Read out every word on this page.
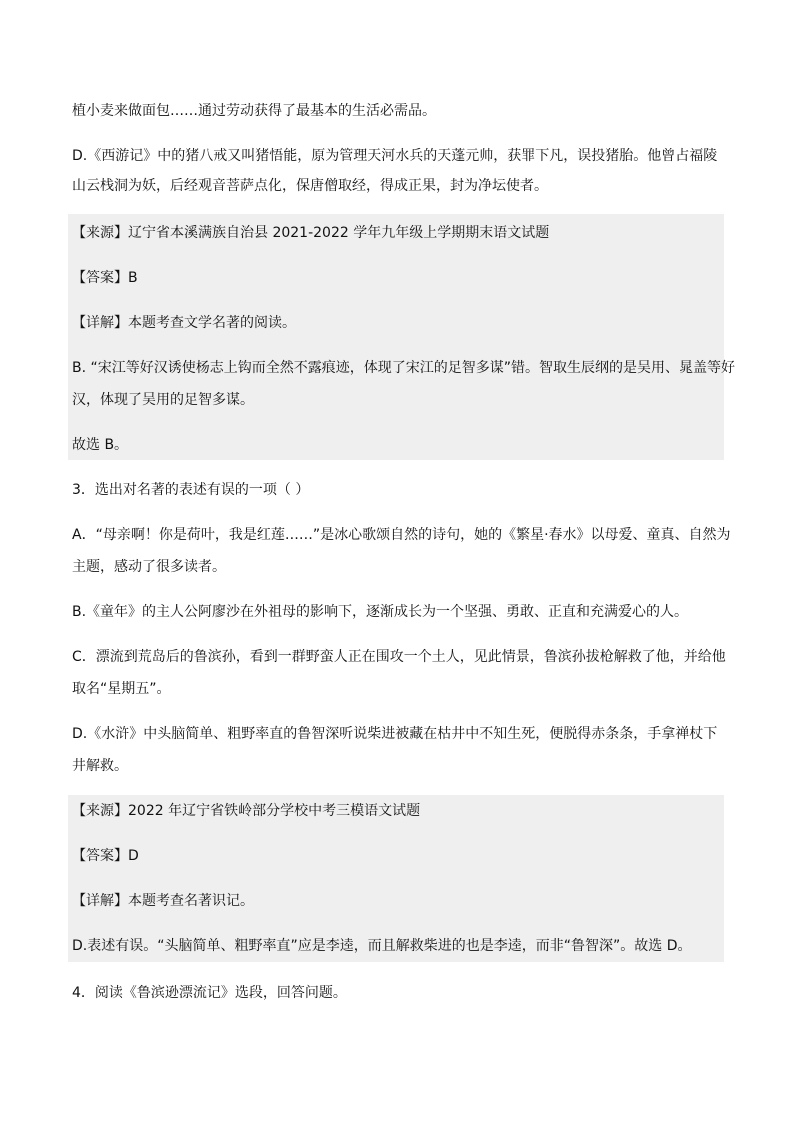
植小麦来做面包……通过劳动获得了最基本的生活必需品。
D.《西游记》中的猪八戒又叫猪悟能，原为管理天河水兵的天蓬元帅，获罪下凡，误投猪胎。他曾占福陵
山云栈洞为妖，后经观音菩萨点化，保唐僧取经，得成正果，封为净坛使者。
【来源】辽宁省本溪满族自治县 2021-2022 学年九年级上学期期末语文试题
【答案】B
【详解】本题考查文学名著的阅读。
B. “宋江等好汉诱使杨志上钩而全然不露痕迹，体现了宋江的足智多谋”错。智取生辰纲的是吴用、晁盖等好
汉，体现了吴用的足智多谋。
故选 B。
3．选出对名著的表述有误的一项（ ）
A．“母亲啊！你是荷叶，我是红莲……”是冰心歌颂自然的诗句，她的《繁星·春水》以母爱、童真、自然为
主题，感动了很多读者。
B.《童年》的主人公阿廖沙在外祖母的影响下，逐渐成长为一个坚强、勇敢、正直和充满爱心的人。
C．漂流到荒岛后的鲁滨孙，看到一群野蛮人正在围攻一个土人，见此情景，鲁滨孙拔枪解救了他，并给他
取名“星期五”。
D.《水浒》中头脑简单、粗野率直的鲁智深听说柴进被藏在枯井中不知生死，便脱得赤条条，手拿禅杖下
井解救。
【来源】2022 年辽宁省铁岭部分学校中考三模语文试题
【答案】D
【详解】本题考查名著识记。
D.表述有误。“头脑简单、粗野率直”应是李逵，而且解救柴进的也是李逵，而非“鲁智深”。故选 D。
4．阅读《鲁滨逊漂流记》选段，回答问题。
